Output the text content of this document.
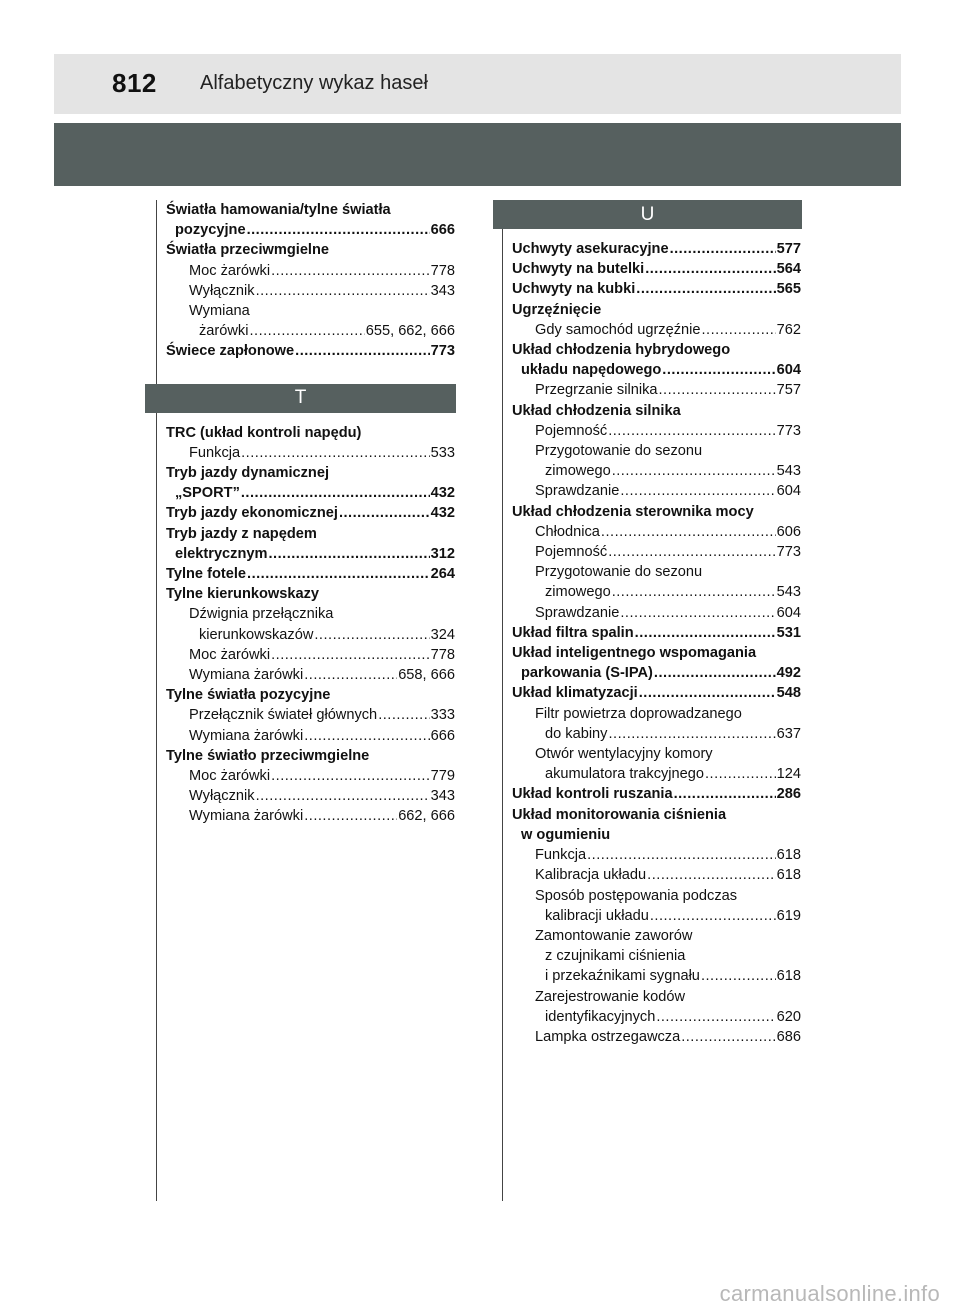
812 Alfabetyczny wykaz haseł
Światła hamowania/tylne światła
pozycyjne .....	666
Światła przeciwmgielne
Moc żarówki .....	778
Wyłącznik .....	343
Wymiana
żarówki .....	655, 662, 666
Świece zapłonowe .....	773
T
TRC (układ kontroli napędu)
Funkcja .....	533
Tryb jazdy dynamicznej
„SPORT” .....	432
Tryb jazdy ekonomicznej .....	432
Tryb jazdy z napędem
elektrycznym .....	312
Tylne fotele .....	264
Tylne kierunkowskazy
Dźwignia przełącznika
kierunkowskazów .....	324
Moc żarówki .....	778
Wymiana żarówki .....	658, 666
Tylne światła pozycyjne
Przełącznik świateł głównych .....	333
Wymiana żarówki .....	666
Tylne światło przeciwmgielne
Moc żarówki .....	779
Wyłącznik .....	343
Wymiana żarówki .....	662, 666
U
Uchwyty asekuracyjne .....	577
Uchwyty na butelki .....	564
Uchwyty na kubki .....	565
Ugrzęźnięcie
Gdy samochód ugrzęźnie .....	762
Układ chłodzenia hybrydowego
układu napędowego .....	604
Przegrzanie silnika .....	757
Układ chłodzenia silnika
Pojemność .....	773
Przygotowanie do sezonu
zimowego .....	543
Sprawdzanie .....	604
Układ chłodzenia sterownika mocy
Chłodnica .....	606
Pojemność .....	773
Przygotowanie do sezonu
zimowego .....	543
Sprawdzanie .....	604
Układ filtra spalin .....	531
Układ inteligentnego wspomagania
parkowania (S-IPA) .....	492
Układ klimatyzacji .....	548
Filtr powietrza doprowadzanego
do kabiny .....	637
Otwór wentylacyjny komory
akumulatora trakcyjnego .....	124
Układ kontroli ruszania .....	286
Układ monitorowania ciśnienia
w ogumieniu
Funkcja .....	618
Kalibracja układu .....	618
Sposób postępowania podczas
kalibracji układu .....	619
Zamontowanie zaworów
z czujnikami ciśnienia
i przekaźnikami sygnału .....	618
Zarejestrowanie kodów
identyfikacyjnych .....	620
Lampka ostrzegawcza .....	686
carmanualsonline.info
